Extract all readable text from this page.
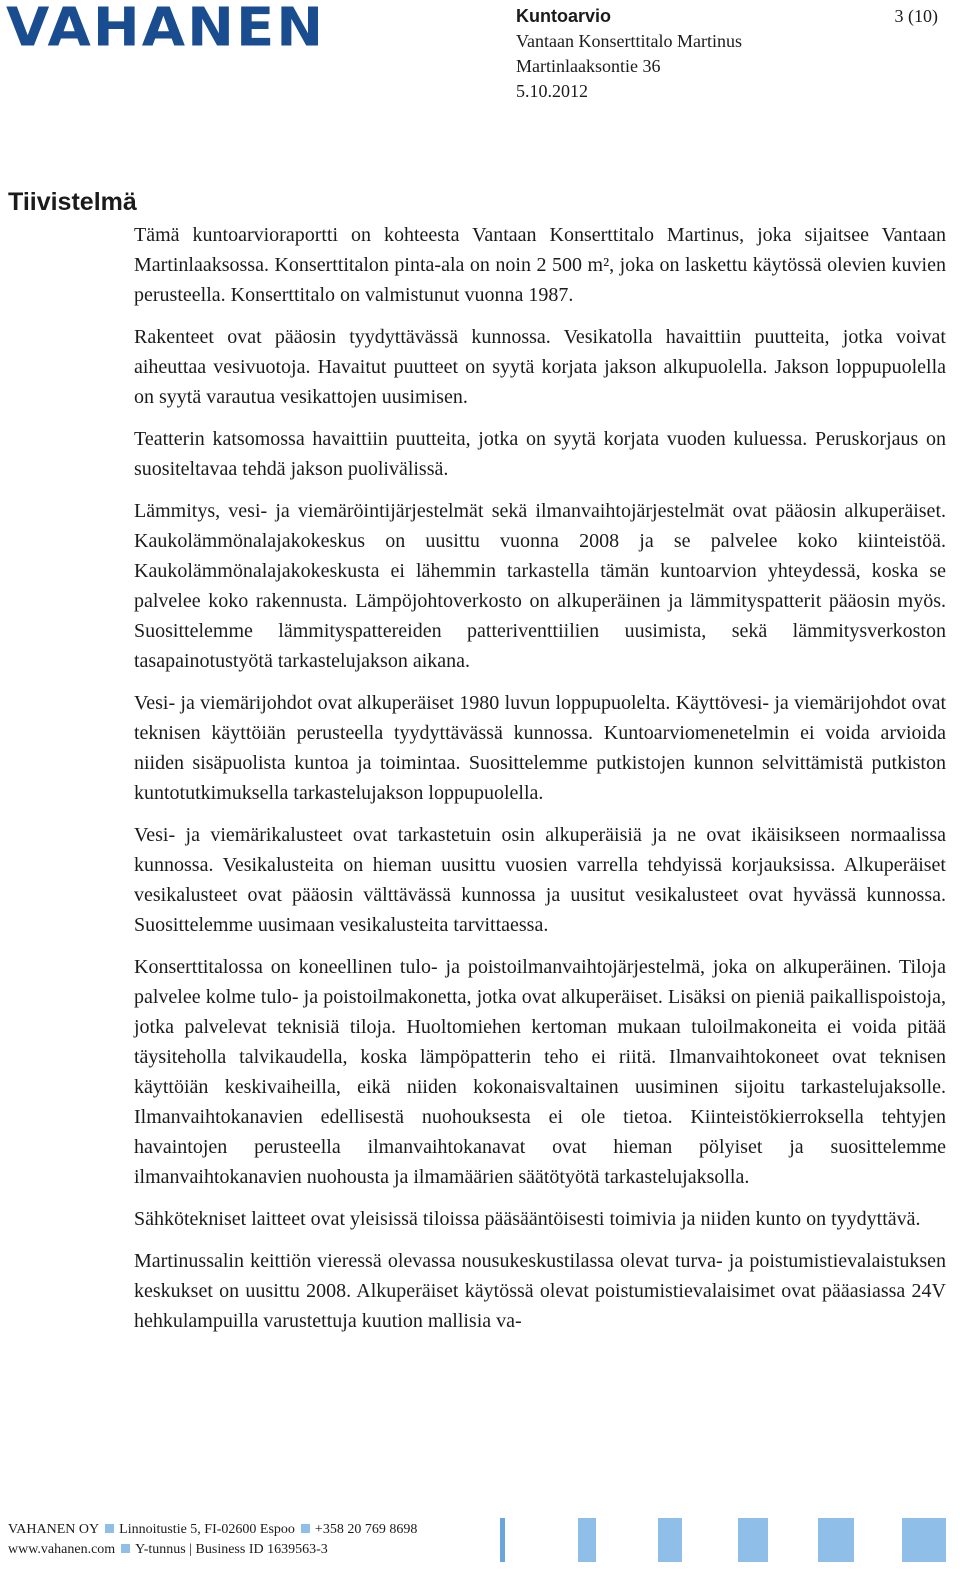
VAHANEN	Kuntoarvio
Vantaan Konserttitalo Martinus
Martinlaaksontie 36
5.10.2012
3 (10)
Tiivistelmä

Tämä kuntoarvioraportti on kohteesta Vantaan Konserttitalo Martinus, joka sijaitsee Vantaan Martinlaaksossa. Konserttitalon pinta-ala on noin 2 500 m², joka on laskettu käytössä olevien kuvien perusteella. Konserttitalo on valmistunut vuonna 1987.

Rakenteet ovat pääosin tyydyttävässä kunnossa. Vesikatolla havaittiin puutteita, jotka voivat aiheuttaa vesivuotoja. Havaitut puutteet on syytä korjata jakson alkupuolella. Jakson loppupuolella on syytä varautua vesikattojen uusimisen.

Teatterin katsomossa havaittiin puutteita, jotka on syytä korjata vuoden kuluessa. Peruskorjaus on suositeltavaa tehdä jakson puolivälissä.

Lämmitys, vesi- ja viemäröintijärjestelmät sekä ilmanvaihtojärjestelmät ovat pääosin alkuperäiset. Kaukolämmönalajakokeskus on uusittu vuonna 2008 ja se palvelee koko kiinteistöä. Kaukolämmönalajakokeskusta ei lähemmin tarkastella tämän kuntoarvion yhteydessä, koska se palvelee koko rakennusta. Lämpöjohtoverkosto on alkuperäinen ja lämmityspatterit pääosin myös. Suosittelemme lämmityspattereiden patteriventtiilien uusimista, sekä lämmitysverkoston tasapainotustyötä tarkastelujakson aikana.

Vesi- ja viemärijohdot ovat alkuperäiset 1980 luvun loppupuolelta. Käyttövesi- ja viemärijohdot ovat teknisen käyttöiän perusteella tyydyttävässä kunnossa. Kuntoarviomenetelmin ei voida arvioida niiden sisäpuolista kuntoa ja toimintaa. Suosittelemme putkistojen kunnon selvittämistä putkiston kuntotutkimuksella tarkastelujakson loppupuolella.

Vesi- ja viemärikalusteet ovat tarkastetuin osin alkuperäisiä ja ne ovat ikäisikseen normaalissa kunnossa. Vesikalusteita on hieman uusittu vuosien varrella tehdyissä korjauksissa. Alkuperäiset vesikalusteet ovat pääosin välttävässä kunnossa ja uusitut vesikalusteet ovat hyvässä kunnossa. Suosittelemme uusimaan vesikalusteita tarvittaessa.

Konserttitalossa on koneellinen tulo- ja poistoilmanvaihtojärjestelmä, joka on alkuperäinen. Tiloja palvelee kolme tulo- ja poistoilmakonetta, jotka ovat alkuperäiset. Lisäksi on pieniä paikallispoistoja, jotka palvelevat teknisiä tiloja. Huoltomiehen kertoman mukaan tuloilmakoneita ei voida pitää täysiteholla talvikaudella, koska lämpöpatterin teho ei riitä. Ilmanvaihtokoneet ovat teknisen käyttöiän keskivaiheilla, eikä niiden kokonaisvaltainen uusiminen sijoitu tarkastelujaksolle. Ilmanvaihtokanavien edellisestä nuohouksesta ei ole tietoa. Kiinteistökierroksella tehtyjen havaintojen perusteella ilmanvaihtokanavat ovat hieman pölyiset ja suosittelemme ilmanvaihtokanavien nuohousta ja ilmamäärien säätötyötä tarkastelujaksolla.

Sähkötekniset laitteet ovat yleisissä tiloissa pääsääntöisesti toimivia ja niiden kunto on tyydyttävä.

Martinussalin keittiön vieressä olevassa nousukeskustilassa olevat turva- ja poistumistievalaistuksen keskukset on uusittu 2008. Alkuperäiset käytössä olevat poistumistievalaisimet ovat pääasiassa 24V hehkulampuilla varustettuja kuution mallisia va-

VAHANEN OY Linnoitustie 5, FI-02600 Espoo +358 20 769 8698
www.vahanen.com Y-tunnus | Business ID 1639563-3
